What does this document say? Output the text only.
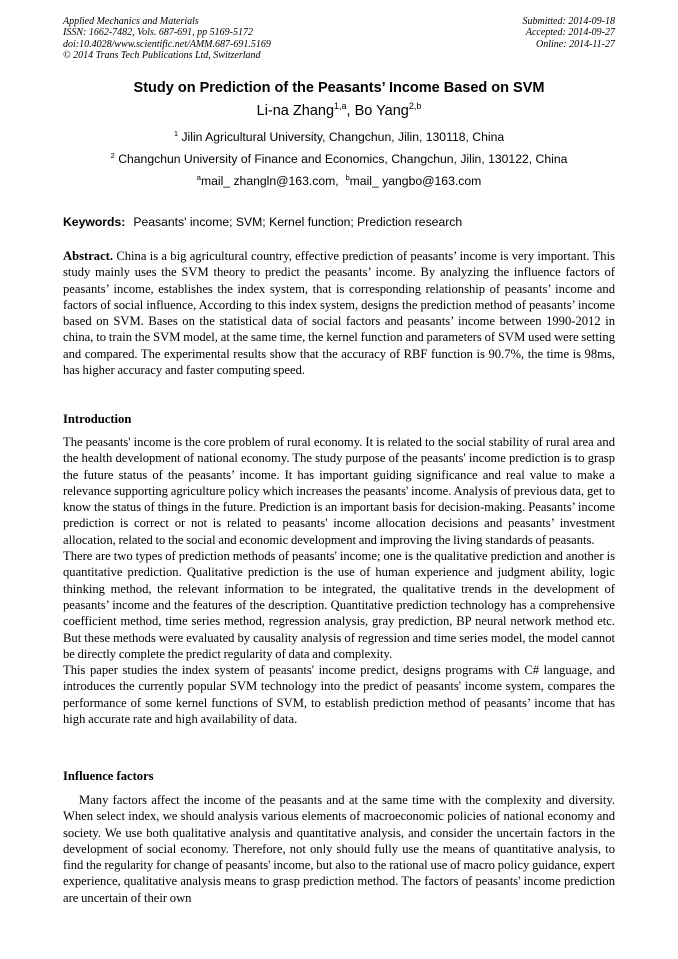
Applied Mechanics and Materials
ISSN: 1662-7482, Vols. 687-691, pp 5169-5172
doi:10.4028/www.scientific.net/AMM.687-691.5169
© 2014 Trans Tech Publications Ltd, Switzerland
Submitted: 2014-09-18
Accepted: 2014-09-27
Online: 2014-11-27
Study on Prediction of the Peasants’ Income Based on SVM
Li-na Zhang$^{1,a}$, Bo Yang$^{2,b}$
$^1$ Jilin Agricultural University, Changchun, Jilin, 130118, China
$^2$ Changchun University of Finance and Economics, Changchun, Jilin, 130122, China
$^a$mail_ zhangln@163.com, $^b$mail_ yangbo@163.com
Keywords: Peasants' income; SVM; Kernel function; Prediction research
Abstract. China is a big agricultural country, effective prediction of peasants’ income is very important. This study mainly uses the SVM theory to predict the peasants’ income. By analyzing the influence factors of peasants’ income, establishes the index system, that is corresponding relationship of peasants’ income and factors of social influence, According to this index system, designs the prediction method of peasants’ income based on SVM. Bases on the statistical data of social factors and peasants’ income between 1990-2012 in china, to train the SVM model, at the same time, the kernel function and parameters of SVM used were setting and compared. The experimental results show that the accuracy of RBF function is 90.7%, the time is 98ms, has higher accuracy and faster computing speed.
Introduction
The peasants' income is the core problem of rural economy. It is related to the social stability of rural area and the health development of national economy. The study purpose of the peasants' income prediction is to grasp the future status of the peasants’ income. It has important guiding significance and real value to make a relevance supporting agriculture policy which increases the peasants' income. Analysis of previous data, get to know the status of things in the future. Prediction is an important basis for decision-making. Peasants’ income prediction is correct or not is related to peasants' income allocation decisions and peasants’ investment allocation, related to the social and economic development and improving the living standards of peasants.
There are two types of prediction methods of peasants' income; one is the qualitative prediction and another is quantitative prediction. Qualitative prediction is the use of human experience and judgment ability, logic thinking method, the relevant information to be integrated, the qualitative trends in the development of peasants’ income and the features of the description. Quantitative prediction technology has a comprehensive coefficient method, time series method, regression analysis, gray prediction, BP neural network method etc. But these methods were evaluated by causality analysis of regression and time series model, the model cannot be directly complete the predict regularity of data and complexity.
This paper studies the index system of peasants' income predict, designs programs with C# language, and introduces the currently popular SVM technology into the predict of peasants' income system, compares the performance of some kernel functions of SVM, to establish prediction method of peasants’ income that has high accurate rate and high availability of data.
Influence factors
Many factors affect the income of the peasants and at the same time with the complexity and diversity. When select index, we should analysis various elements of macroeconomic policies of national economy and society. We use both qualitative analysis and quantitative analysis, and consider the uncertain factors in the development of social economy. Therefore, not only should fully use the means of quantitative analysis, to find the regularity for change of peasants' income, but also to the rational use of macro policy guidance, expert experience, qualitative analysis means to grasp prediction method. The factors of peasants' income prediction are uncertain of their own
